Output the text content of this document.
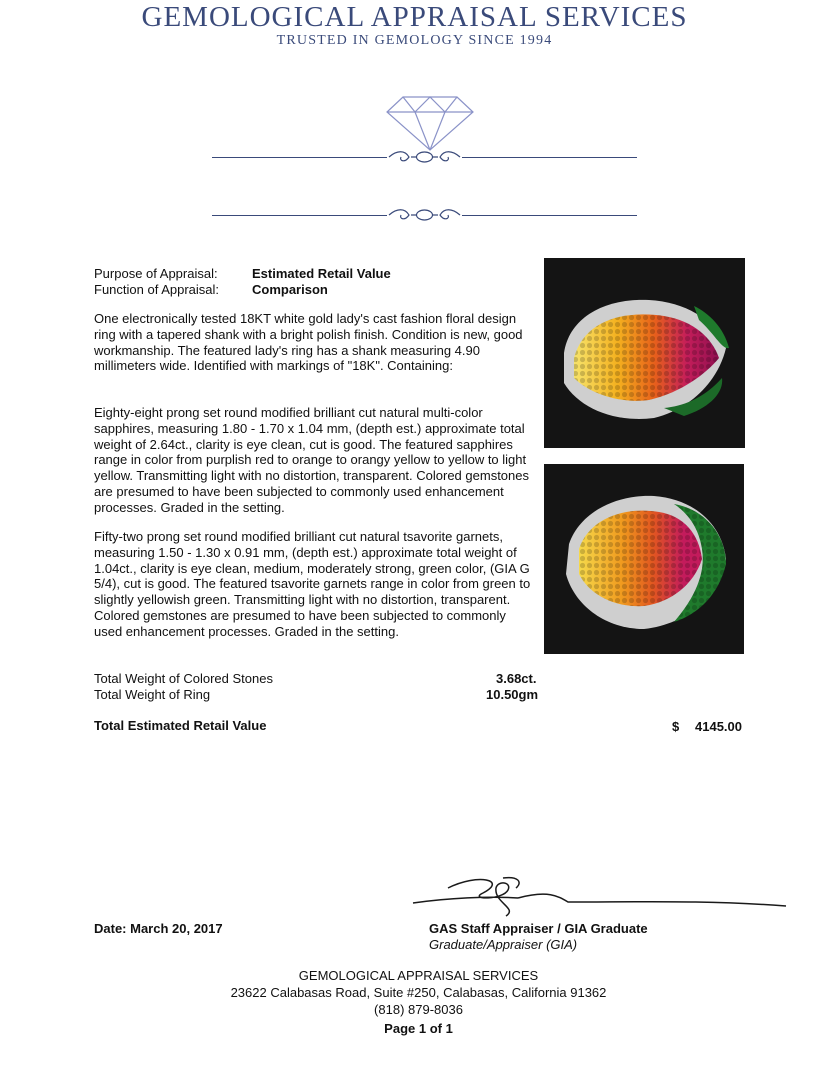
GEMOLOGICAL APPRAISAL SERVICES
TRUSTED IN GEMOLOGY SINCE 1994
Purpose of Appraisal:	Estimated Retail Value
Function of Appraisal:	Comparison
One electronically tested 18KT white gold lady's cast fashion floral design ring with a tapered shank with a bright polish finish. Condition is new, good workmanship. The featured lady's ring has a shank measuring 4.90 millimeters wide. Identified with markings of "18K". Containing:
Eighty-eight prong set round modified brilliant cut natural multi-color sapphires, measuring 1.80 - 1.70 x 1.04 mm, (depth est.) approximate total weight of 2.64ct., clarity is eye clean, cut is good. The featured sapphires range in color from purplish red to orange to orangy yellow to yellow to light yellow. Transmitting light with no distortion, transparent. Colored gemstones are presumed to have been subjected to commonly used enhancement processes. Graded in the setting.
Fifty-two prong set round modified brilliant cut natural tsavorite garnets, measuring 1.50 - 1.30 x 0.91 mm, (depth est.) approximate total weight of 1.04ct., clarity is eye clean, medium, moderately strong, green color, (GIA G 5/4), cut is good. The featured tsavorite garnets range in color from green to slightly yellowish green. Transmitting light with no distortion, transparent. Colored gemstones are presumed to have been subjected to commonly used enhancement processes. Graded in the setting.
Total Weight of Colored Stones	3.68ct.
Total Weight of Ring	10.50gm
Total Estimated Retail Value	$ 4145.00
Date: March 20, 2017	GAS Staff Appraiser / GIA Graduate
Graduate/Appraiser (GIA)
GEMOLOGICAL APPRAISAL SERVICES
23622 Calabasas Road, Suite #250, Calabasas, California 91362
(818) 879-8036
Page 1 of 1
